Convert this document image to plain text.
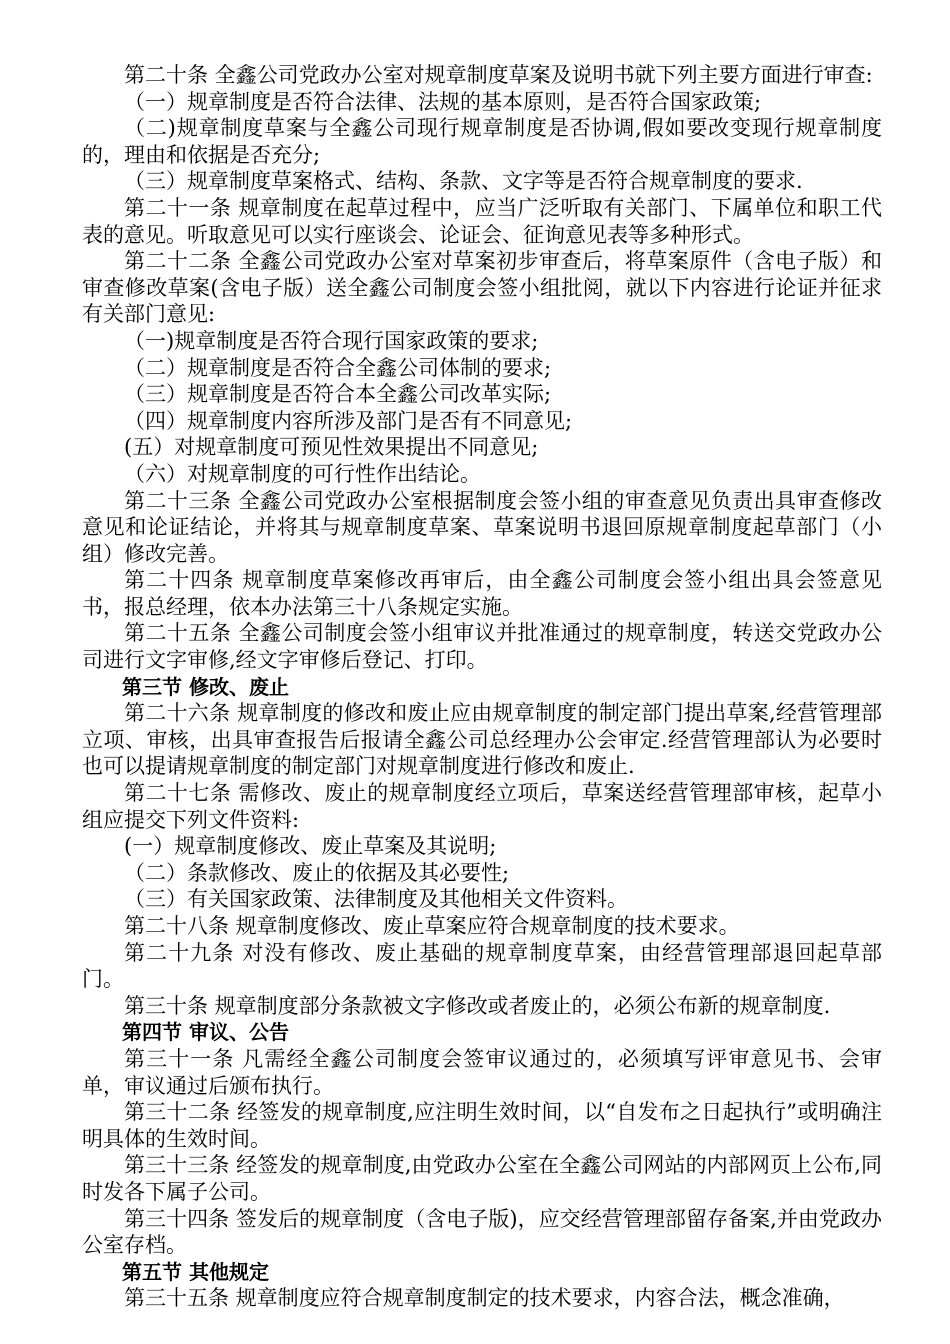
第二十条 全鑫公司党政办公室对规章制度草案及说明书就下列主要方面进行审查:

（一）规章制度是否符合法律、法规的基本原则，是否符合国家政策;

（二)规章制度草案与全鑫公司现行规章制度是否协调,假如要改变现行规章制度的，理由和依据是否充分;

（三）规章制度草案格式、结构、条款、文字等是否符合规章制度的要求.

第二十一条 规章制度在起草过程中，应当广泛听取有关部门、下属单位和职工代表的意见。听取意见可以实行座谈会、论证会、征询意见表等多种形式。

第二十二条 全鑫公司党政办公室对草案初步审查后，将草案原件（含电子版）和审查修改草案(含电子版）送全鑫公司制度会签小组批阅，就以下内容进行论证并征求有关部门意见:

（一)规章制度是否符合现行国家政策的要求;

（二）规章制度是否符合全鑫公司体制的要求;

（三）规章制度是否符合本全鑫公司改革实际;

（四）规章制度内容所涉及部门是否有不同意见;

(五）对规章制度可预见性效果提出不同意见;

（六）对规章制度的可行性作出结论。

第二十三条 全鑫公司党政办公室根据制度会签小组的审查意见负责出具审查修改意见和论证结论，并将其与规章制度草案、草案说明书退回原规章制度起草部门（小组）修改完善。

第二十四条 规章制度草案修改再审后，由全鑫公司制度会签小组出具会签意见书，报总经理，依本办法第三十八条规定实施。

第二十五条 全鑫公司制度会签小组审议并批准通过的规章制度，转送交党政办公司进行文字审修,经文字审修后登记、打印。

第三节 修改、废止

第二十六条 规章制度的修改和废止应由规章制度的制定部门提出草案,经营管理部立项、审核，出具审查报告后报请全鑫公司总经理办公会审定.经营管理部认为必要时也可以提请规章制度的制定部门对规章制度进行修改和废止.

第二十七条 需修改、废止的规章制度经立项后，草案送经营管理部审核，起草小组应提交下列文件资料:

(一）规章制度修改、废止草案及其说明;

（二）条款修改、废止的依据及其必要性;

（三）有关国家政策、法律制度及其他相关文件资料。

第二十八条 规章制度修改、废止草案应符合规章制度的技术要求。

第二十九条 对没有修改、废止基础的规章制度草案，由经营管理部退回起草部门。

第三十条 规章制度部分条款被文字修改或者废止的，必须公布新的规章制度.

第四节 审议、公告

第三十一条 凡需经全鑫公司制度会签审议通过的，必须填写评审意见书、会审单，审议通过后颁布执行。

第三十二条 经签发的规章制度,应注明生效时间，以“自发布之日起执行”或明确注明具体的生效时间。

第三十三条 经签发的规章制度,由党政办公室在全鑫公司网站的内部网页上公布,同时发各下属子公司。

第三十四条 签发后的规章制度（含电子版)，应交经营管理部留存备案,并由党政办公室存档。

第五节 其他规定

第三十五条 规章制度应符合规章制度制定的技术要求，内容合法，概念准确，
